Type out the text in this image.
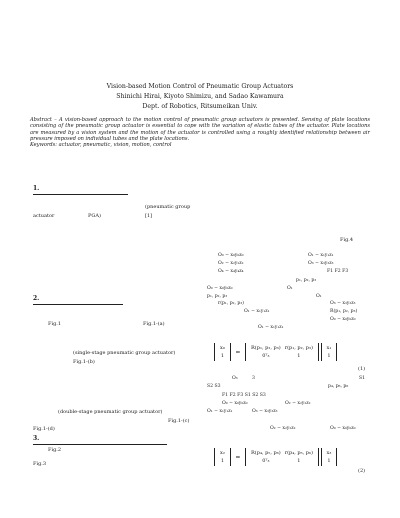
Vision-based Motion Control of Pneumatic Group Actuators
Shinichi Hirai, Kiyoto Shimizu, and Sadao Kawamura
Dept. of Robotics, Ritsumeikan Univ.
Abstract – A vision-based approach to the motion control of pneumatic group actuators is presented. Sensing of plate locations consisting of the pneumatic group actuator is essential to cope with the variation of elastic tubes of the actuator. Plate locations are measured by a vision system and the motion of the actuator is controlled using a roughly identified relationship between air pressure imposed on individual tubes and the plate locations.
Keywords: actuator, pneumatic, vision, motion, control
1.
(pneumatic group
actuator	PGA)	[1]
Fig.4
O₀ − x₀y₀z₀	O₁ − x₁y₁z₁
O₂ − x₂y₂z₂	O₃ − x₃y₃z₃
O₄ − x₄y₄z₄	F1 F2 F3
p₁, p₂, p₃
O₀ − x₀y₀z₀	O₁
p₁, p₂, p₃	O₁
2.
r(p₁, p₂, p₃)	O₃ − x₃y₃z₃
O₁ − x₁y₁z₁	R(p₁, p₂, p₃)
O₀ − x₀y₀z₀
Fig.1	Fig.1-(a)
O₁ − x₁y₁z₁
(single-stage pneumatic group actuator)
Fig.1-(b)
x₀
1
=
R(p₁, p₂, p₃)	r(p₁, p₂, p₃)
0ᵀ₃	1

x₁
1
(1)
O₃	3	S1
S2 S3	p₄, p₆, p₆
F1 F2 F3 S1 S2 S3
O₀ − x₀y₀z₀	O₂ − x₂y₂z₂
(double-stage pneumatic group actuator)	O₁ − x₁y₁z₁	O₃ − x₃y₃z₃
Fig.1-(c)
Fig.1-(d)	O₂ − x₂y₂z₂	O₀ − x₀y₀z₀
3.
Fig.2
Fig.3
x₂
1
=
R(p₄, p₅, p₆)	r(p₄, p₅, p₆)
0ᵀ₃	1

x₃
1
(2)
